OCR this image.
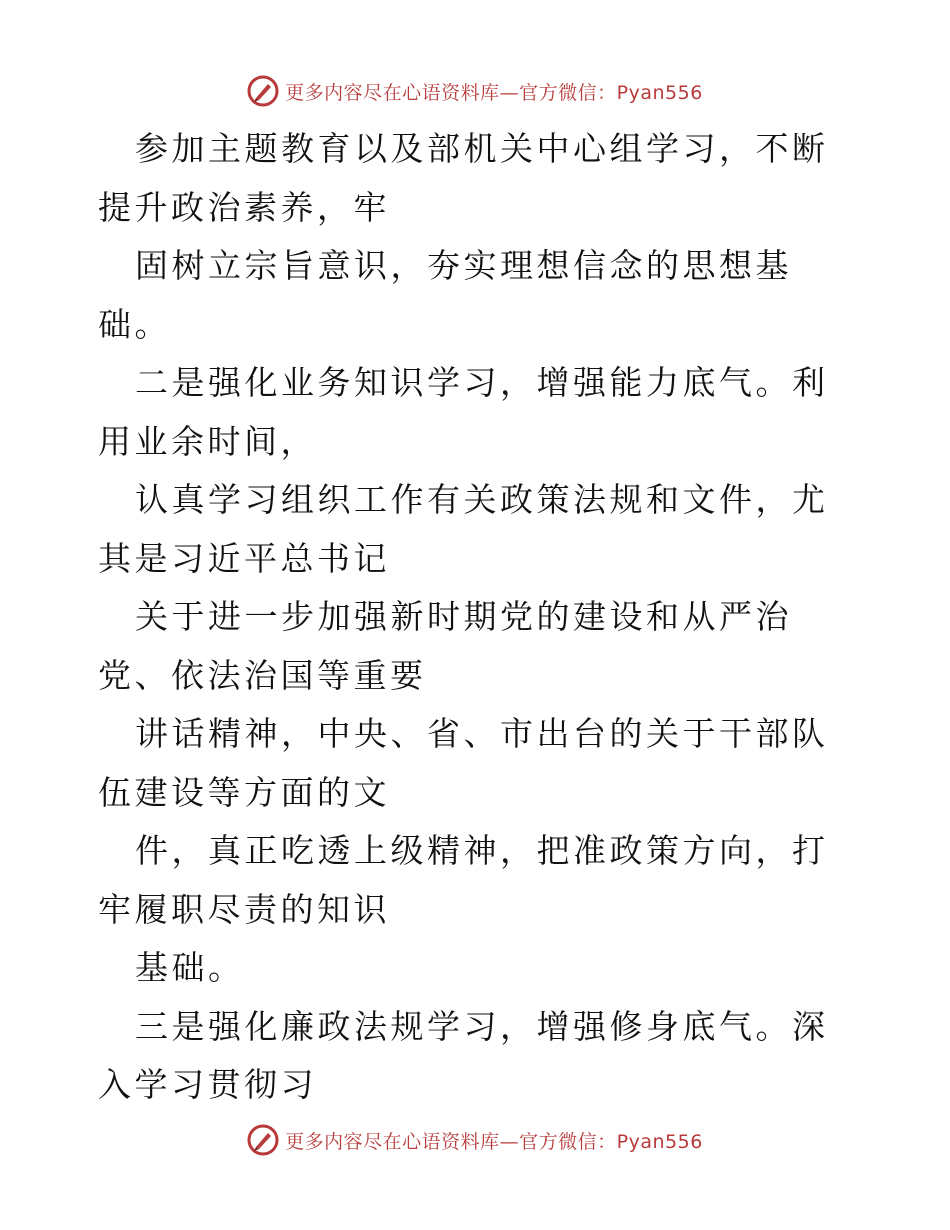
更多内容尽在心语资料库—官方微信：Pyan556

参加主题教育以及部机关中心组学习，不断提升政治素养，牢

固树立宗旨意识，夯实理想信念的思想基础。

二是强化业务知识学习，增强能力底气。利用业余时间，

认真学习组织工作有关政策法规和文件，尤其是习近平总书记

关于进一步加强新时期党的建设和从严治党、依法治国等重要

讲话精神，中央、省、市出台的关于干部队伍建设等方面的文

件，真正吃透上级精神，把准政策方向，打牢履职尽责的知识

基础。

三是强化廉政法规学习，增强修身底气。深入学习贯彻习

更多内容尽在心语资料库—官方微信：Pyan556
